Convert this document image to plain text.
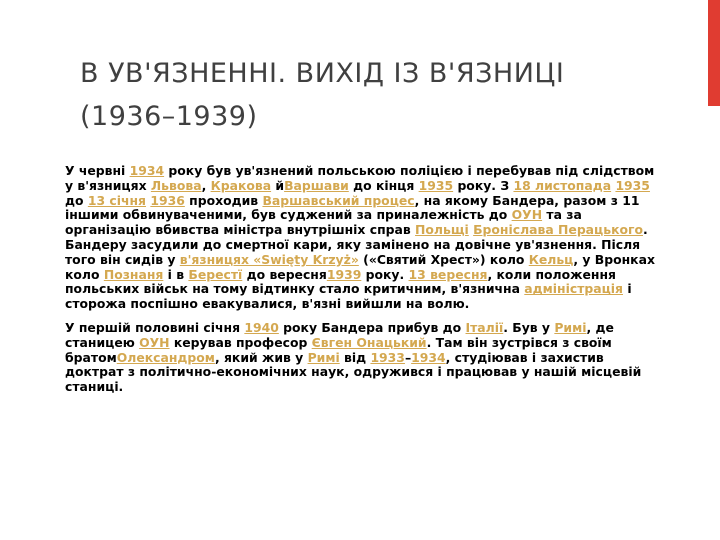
В УВ'ЯЗНЕННІ. ВИХІД ІЗ В'ЯЗНИЦІ
(1936–1939)

У червні 1934 року був ув'язнений польською поліцією і перебував під слідством у в'язницях Львова, Кракова йВаршави до кінця 1935 року. З 18 листопада 1935 до 13 січня 1936 проходив Варшавський процес, на якому Бандера, разом з 11 іншими обвинуваченими, був суджений за приналежність до ОУН та за організацію вбивства міністра внутрішніх справ Польщі Броніслава Перацького. Бандеру засудили до смертної кари, яку замінено на довічне ув'язнення. Після того він сидів у в'язницях «Swięty Krzyż» («Святий Хрест») коло Кельц, у Вронках коло Познаня і в Берестї до вересня1939 року. 13 вересня, коли положення польських військ на тому відтинку стало критичним, в'язнична адміністрація і сторожа поспішно евакувалися, в'язні вийшли на волю.

У першій половині січня 1940 року Бандера прибув до Італії. Був у Римі, де станицею ОУН керував професор Євген Онацький. Там він зустрівся з своїм братомОлександром, який жив у Римі від 1933–1934, студіював і захистив доктрат з політично-економічних наук, одружився і працював у нашій місцевій станиці.
